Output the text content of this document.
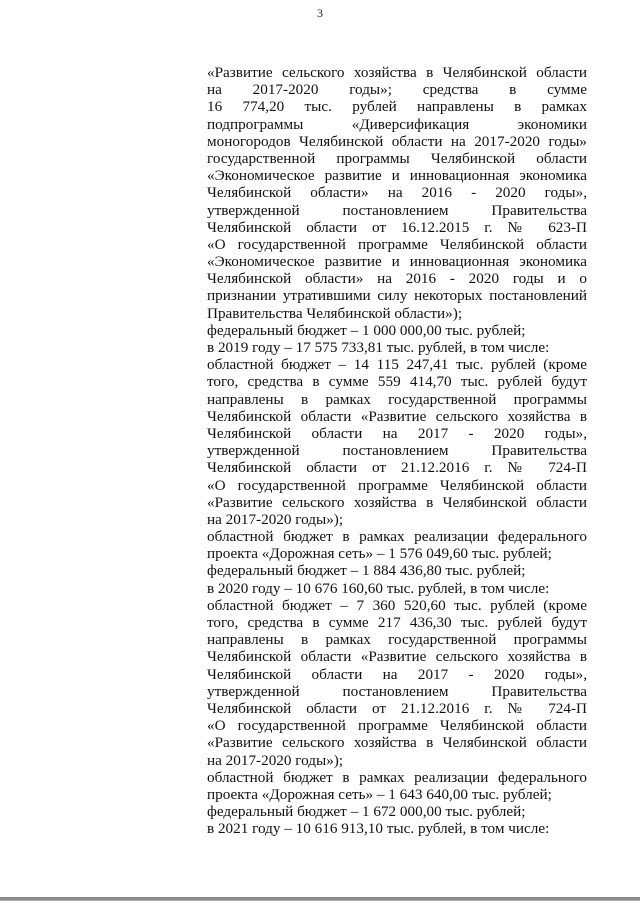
3
«Развитие сельского хозяйства в Челябинской области
на 2017-2020 годы»; средства в сумме
16 774,20 тыс. рублей направлены в рамках
подпрограммы «Диверсификация экономики
моногородов Челябинской области на 2017-2020 годы»
государственной программы Челябинской области
«Экономическое развитие и инновационная экономика
Челябинской области» на 2016 - 2020 годы»,
утвержденной постановлением Правительства
Челябинской области от 16.12.2015 г. № 623-П
«О государственной программе Челябинской области
«Экономическое развитие и инновационная экономика
Челябинской области» на 2016 - 2020 годы и о
признании утратившими силу некоторых постановлений
Правительства Челябинской области»);
федеральный бюджет – 1 000 000,00 тыс. рублей;
в 2019 году – 17 575 733,81 тыс. рублей, в том числе:
областной бюджет – 14 115 247,41 тыс. рублей (кроме
того, средства в сумме 559 414,70 тыс. рублей будут
направлены в рамках государственной программы
Челябинской области «Развитие сельского хозяйства в
Челябинской области на 2017 - 2020 годы»,
утвержденной постановлением Правительства
Челябинской области от 21.12.2016 г. № 724-П
«О государственной программе Челябинской области
«Развитие сельского хозяйства в Челябинской области
на 2017-2020 годы»);
областной бюджет в рамках реализации федерального
проекта «Дорожная сеть» – 1 576 049,60 тыс. рублей;
федеральный бюджет – 1 884 436,80 тыс. рублей;
в 2020 году – 10 676 160,60 тыс. рублей, в том числе:
областной бюджет – 7 360 520,60 тыс. рублей (кроме
того, средства в сумме 217 436,30 тыс. рублей будут
направлены в рамках государственной программы
Челябинской области «Развитие сельского хозяйства в
Челябинской области на 2017 - 2020 годы»,
утвержденной постановлением Правительства
Челябинской области от 21.12.2016 г. № 724-П
«О государственной программе Челябинской области
«Развитие сельского хозяйства в Челябинской области
на 2017-2020 годы»);
областной бюджет в рамках реализации федерального
проекта «Дорожная сеть» – 1 643 640,00 тыс. рублей;
федеральный бюджет – 1 672 000,00 тыс. рублей;
в 2021 году – 10 616 913,10 тыс. рублей, в том числе:
